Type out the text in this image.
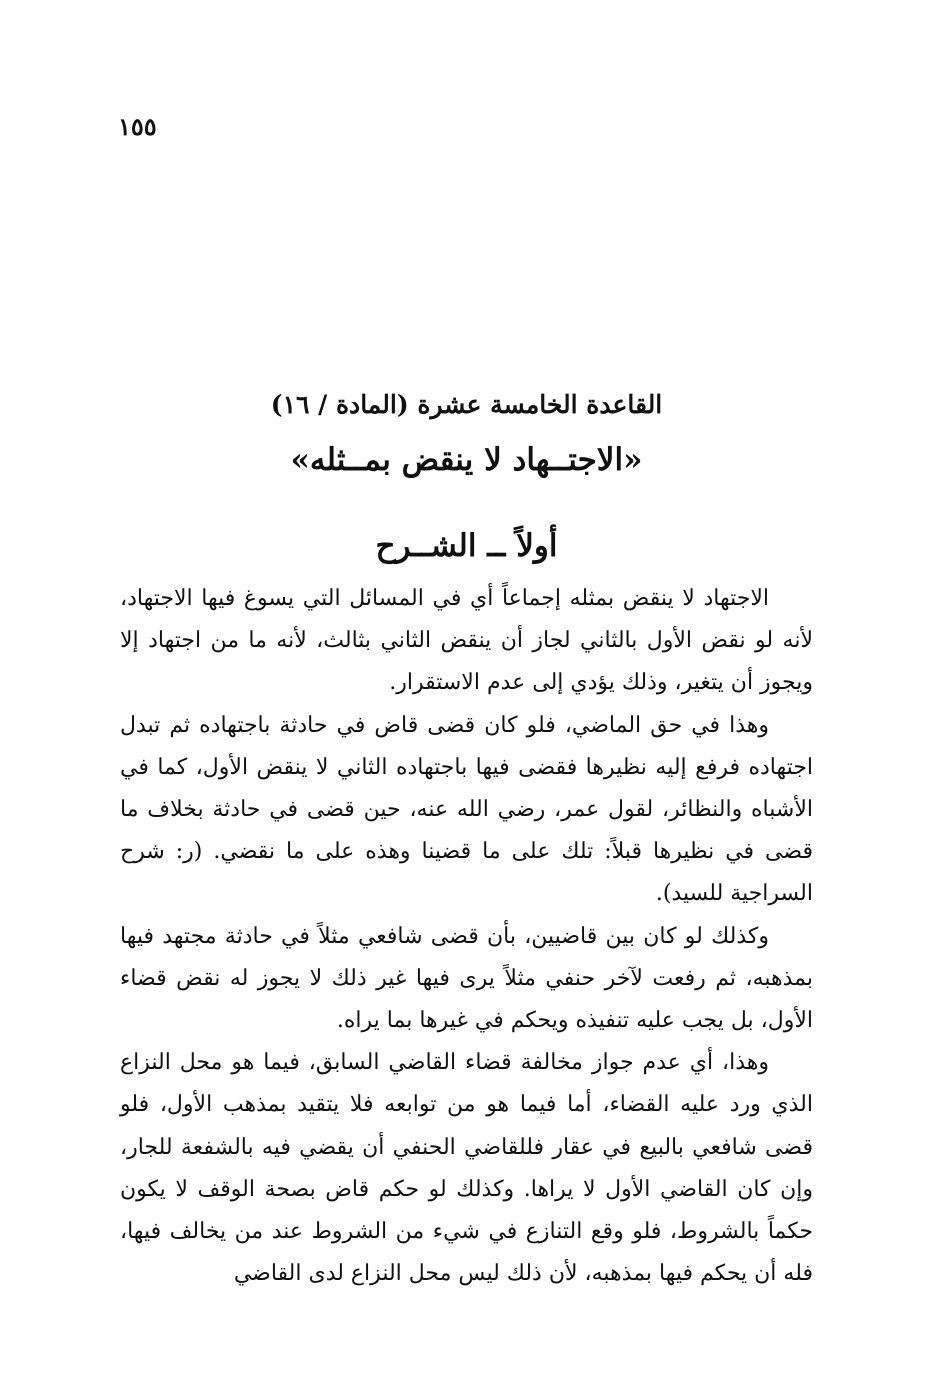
١٥٥
القاعدة الخامسة عشرة (المادة / ١٦)
«الاجتــهاد لا ينقض بمــثله»
أولاً ــ الشــرح

الاجتهاد لا ينقض بمثله إجماعاً أي في المسائل التي يسوغ فيها الاجتهاد، لأنه لو نقض الأول بالثاني لجاز أن ينقض الثاني بثالث، لأنه ما من اجتهاد إلا ويجوز أن يتغير، وذلك يؤدي إلى عدم الاستقرار.

وهذا في حق الماضي، فلو كان قضى قاض في حادثة باجتهاده ثم تبدل اجتهاده فرفع إليه نظيرها فقضى فيها باجتهاده الثاني لا ينقض الأول، كما في الأشباه والنظائر، لقول عمر، رضي الله عنه، حين قضى في حادثة بخلاف ما قضى في نظيرها قبلاً: تلك على ما قضينا وهذه على ما نقضي. (ر: شرح السراجية للسيد).

وكذلك لو كان بين قاضيين، بأن قضى شافعي مثلاً في حادثة مجتهد فيها بمذهبه، ثم رفعت لآخر حنفي مثلاً يرى فيها غير ذلك لا يجوز له نقض قضاء الأول، بل يجب عليه تنفيذه ويحكم في غيرها بما يراه.

وهذا، أي عدم جواز مخالفة قضاء القاضي السابق، فيما هو محل النزاع الذي ورد عليه القضاء، أما فيما هو من توابعه فلا يتقيد بمذهب الأول، فلو قضى شافعي بالبيع في عقار فللقاضي الحنفي أن يقضي فيه بالشفعة للجار، وإن كان القاضي الأول لا يراها. وكذلك لو حكم قاض بصحة الوقف لا يكون حكماً بالشروط، فلو وقع التنازع في شيء من الشروط عند من يخالف فيها، فله أن يحكم فيها بمذهبه، لأن ذلك ليس محل النزاع لدى القاضي
